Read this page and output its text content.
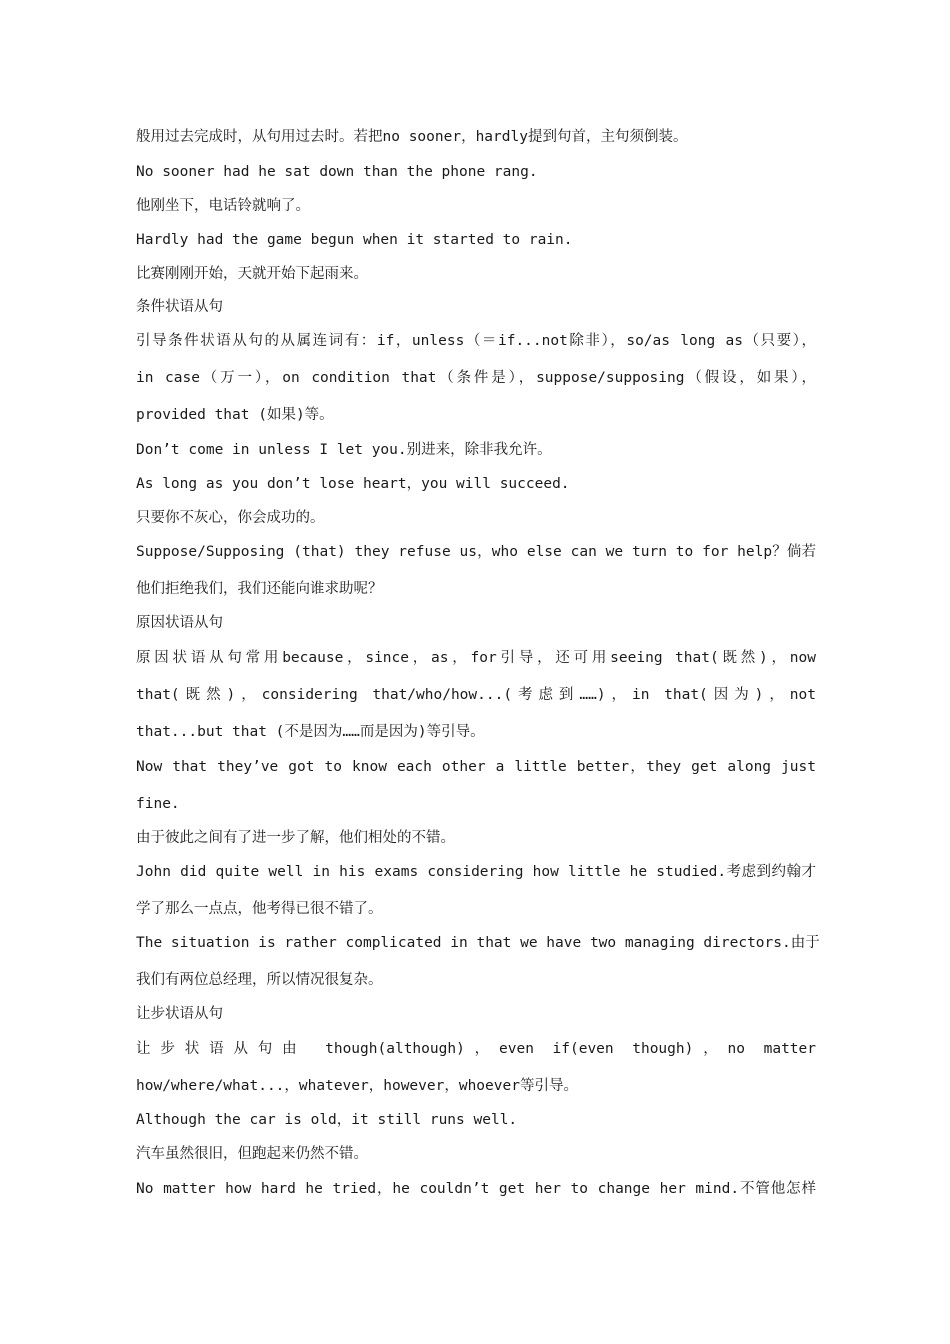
般用过去完成时，从句用过去时。若把no sooner，hardly提到句首，主句须倒装。
No sooner had he sat down than the phone rang.
他刚坐下，电话铃就响了。
Hardly had the game begun when it started to rain.
比赛刚刚开始，天就开始下起雨来。
条件状语从句
引导条件状语从句的从属连词有：if，unless（＝if...not除非），so/as long as（只要），
in case（万一），on condition that（条件是），suppose/supposing（假设，如果），
provided that (如果)等。
Don’t come in unless I let you.别进来，除非我允许。
As long as you don’t lose heart，you will succeed.
只要你不灰心，你会成功的。
Suppose/Supposing (that) they refuse us，who else can we turn to for help？倘若
他们拒绝我们，我们还能向谁求助呢？
原因状语从句
原因状语从句常用because，since，as，for引导，还可用seeing that(既然)，now
that(既然)，considering that/who/how...(考虑到……)，in that(因为)，not
that...but that (不是因为……而是因为)等引导。
Now that they’ve got to know each other a little better，they get along just
fine.
由于彼此之间有了进一步了解，他们相处的不错。
John did quite well in his exams considering how little he studied.考虑到约翰才
学了那么一点点，他考得已很不错了。
The situation is rather complicated in that we have two managing directors.由于
我们有两位总经理，所以情况很复杂。
让步状语从句
让步状语从句由 though(although)，even if(even though)，no matter
how/where/what...，whatever，however，whoever等引导。
Although the car is old，it still runs well.
汽车虽然很旧，但跑起来仍然不错。
No matter how hard he tried，he couldn’t get her to change her mind.不管他怎样
